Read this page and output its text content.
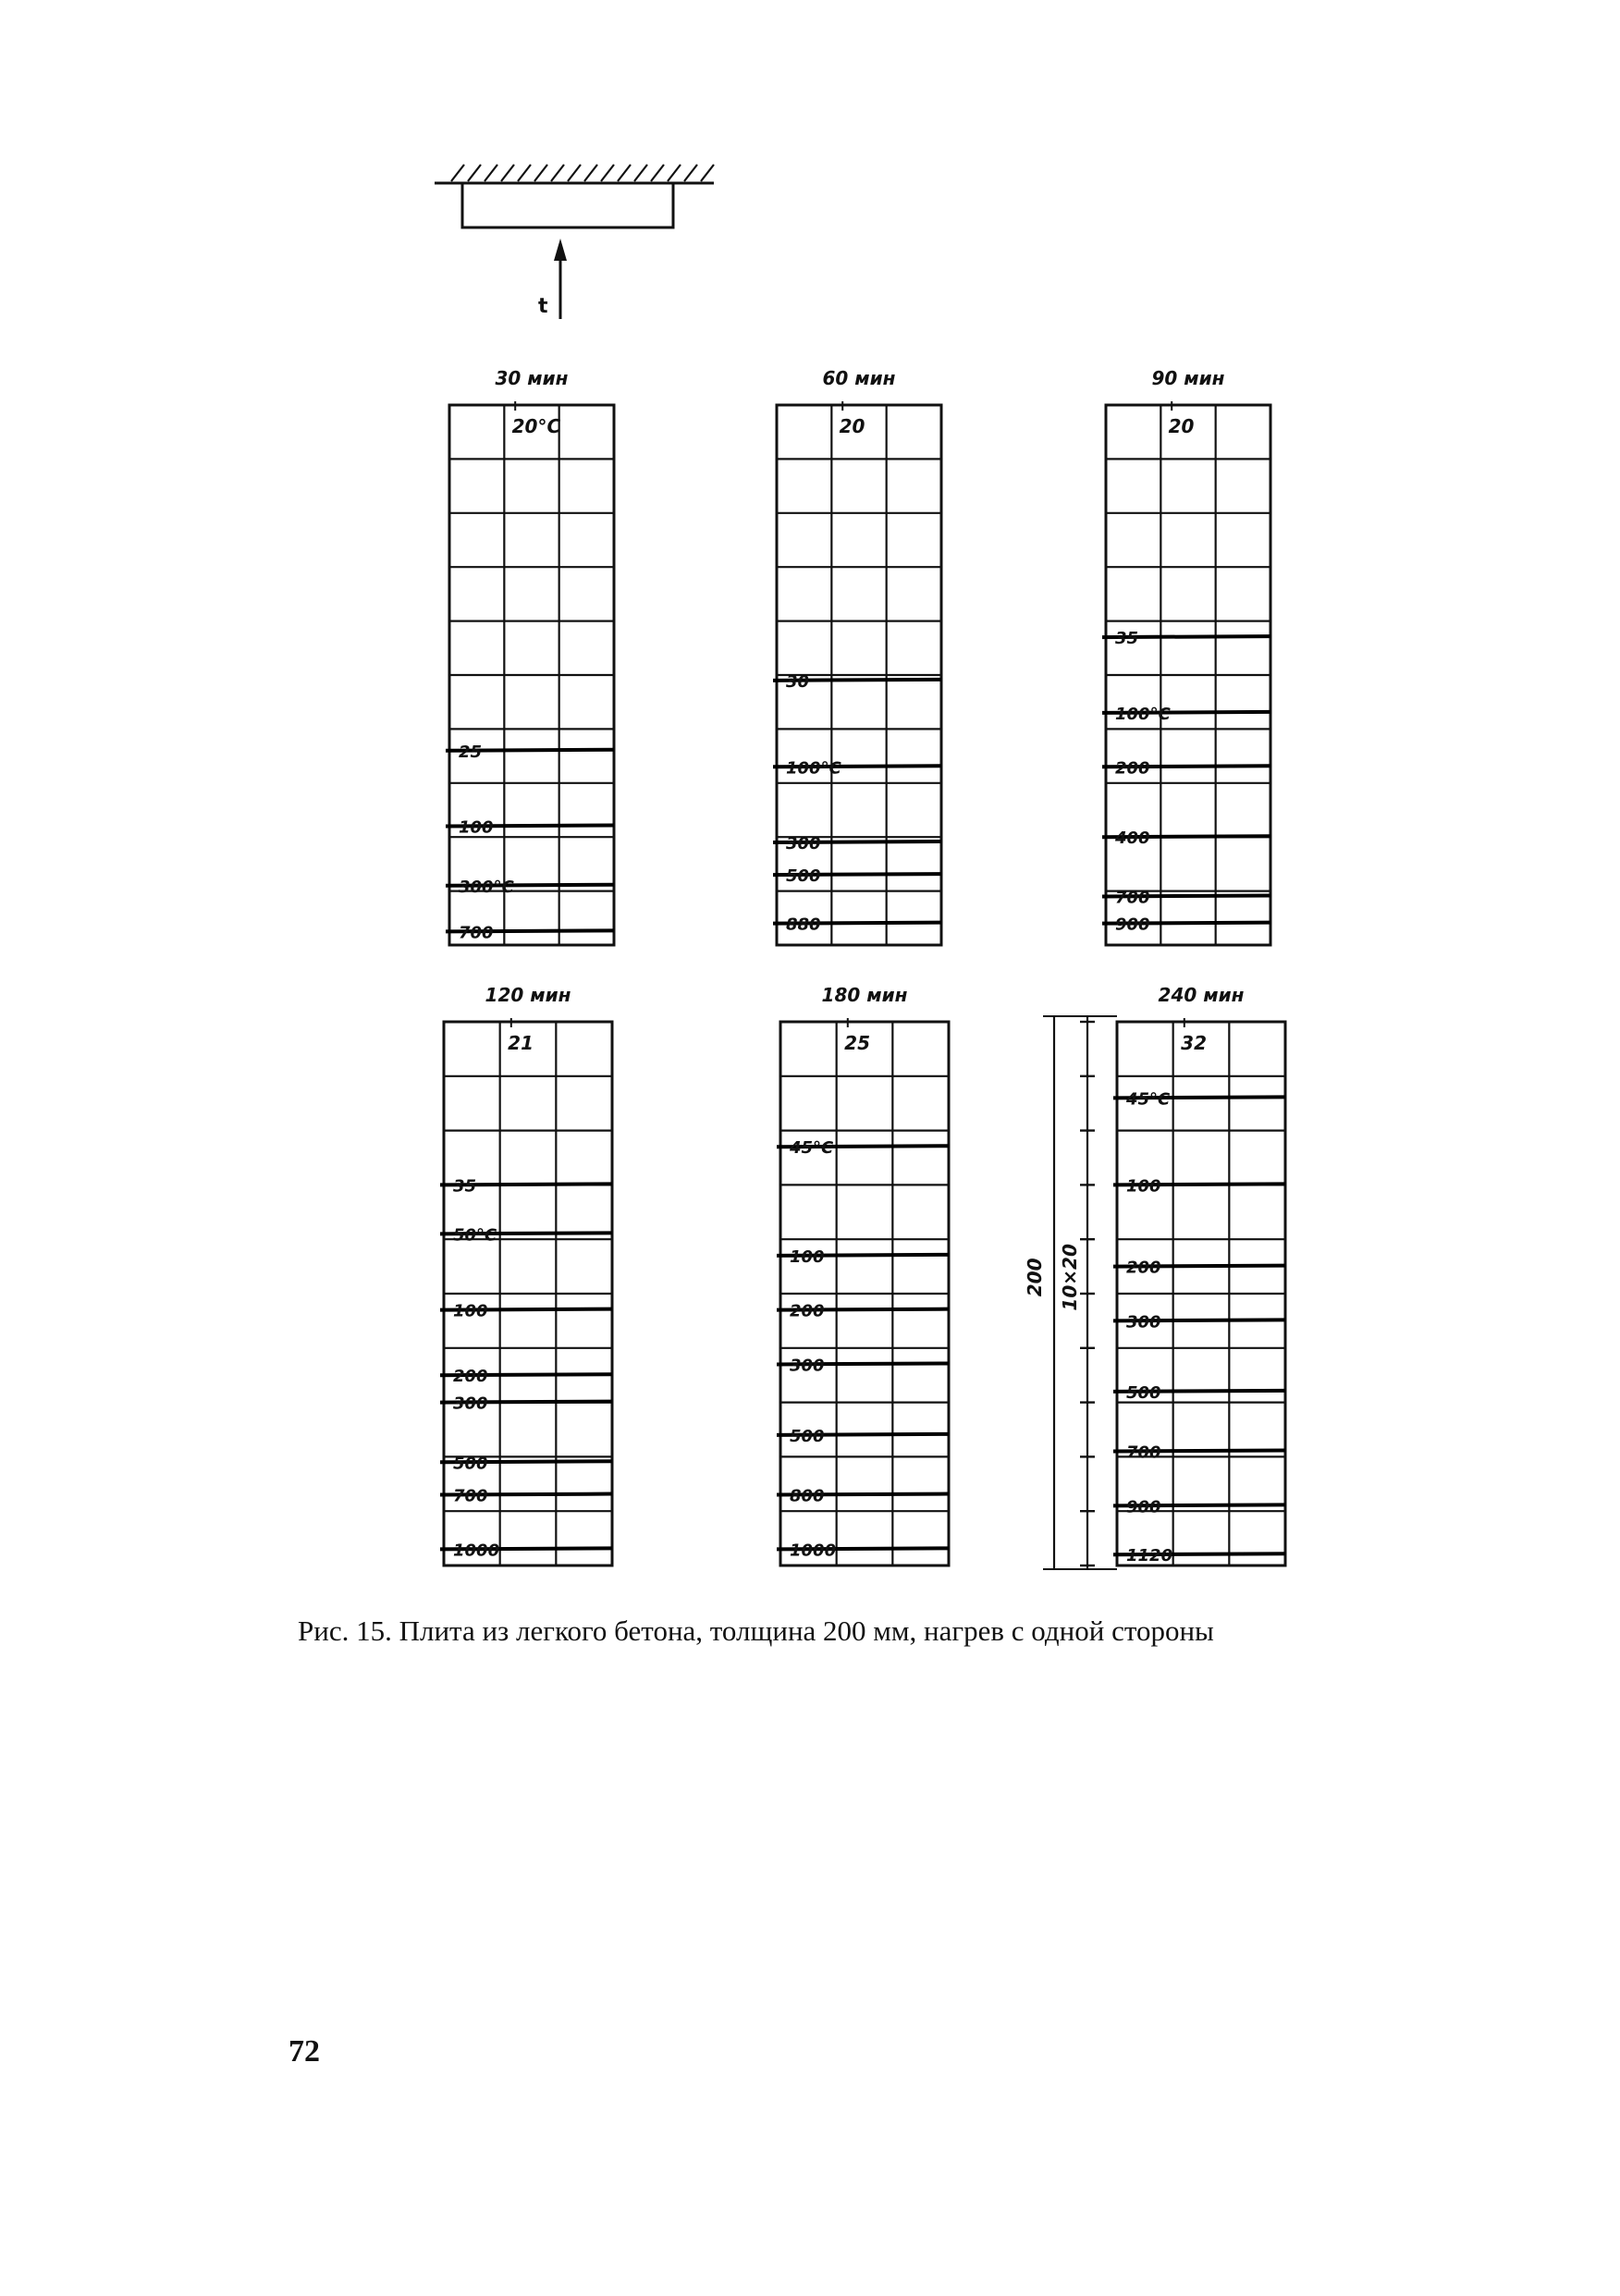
t
30 мин
20°С
25
100
300°С
700
60 мин
20
30
100°С
300
500
880
90 мин
20
35
100°С
200
400
700
900
120 мин
21
35
50°С
100
200
300
500
700
1000
180 мин
25
45°С
100
200
300
500
800
1000
240 мин
32
45°С
100
200
300
500
700
900
1120
200 10×20
Рис. 15. Плита из легкого бетона, толщина 200 мм, нагрев с одной стороны
72
